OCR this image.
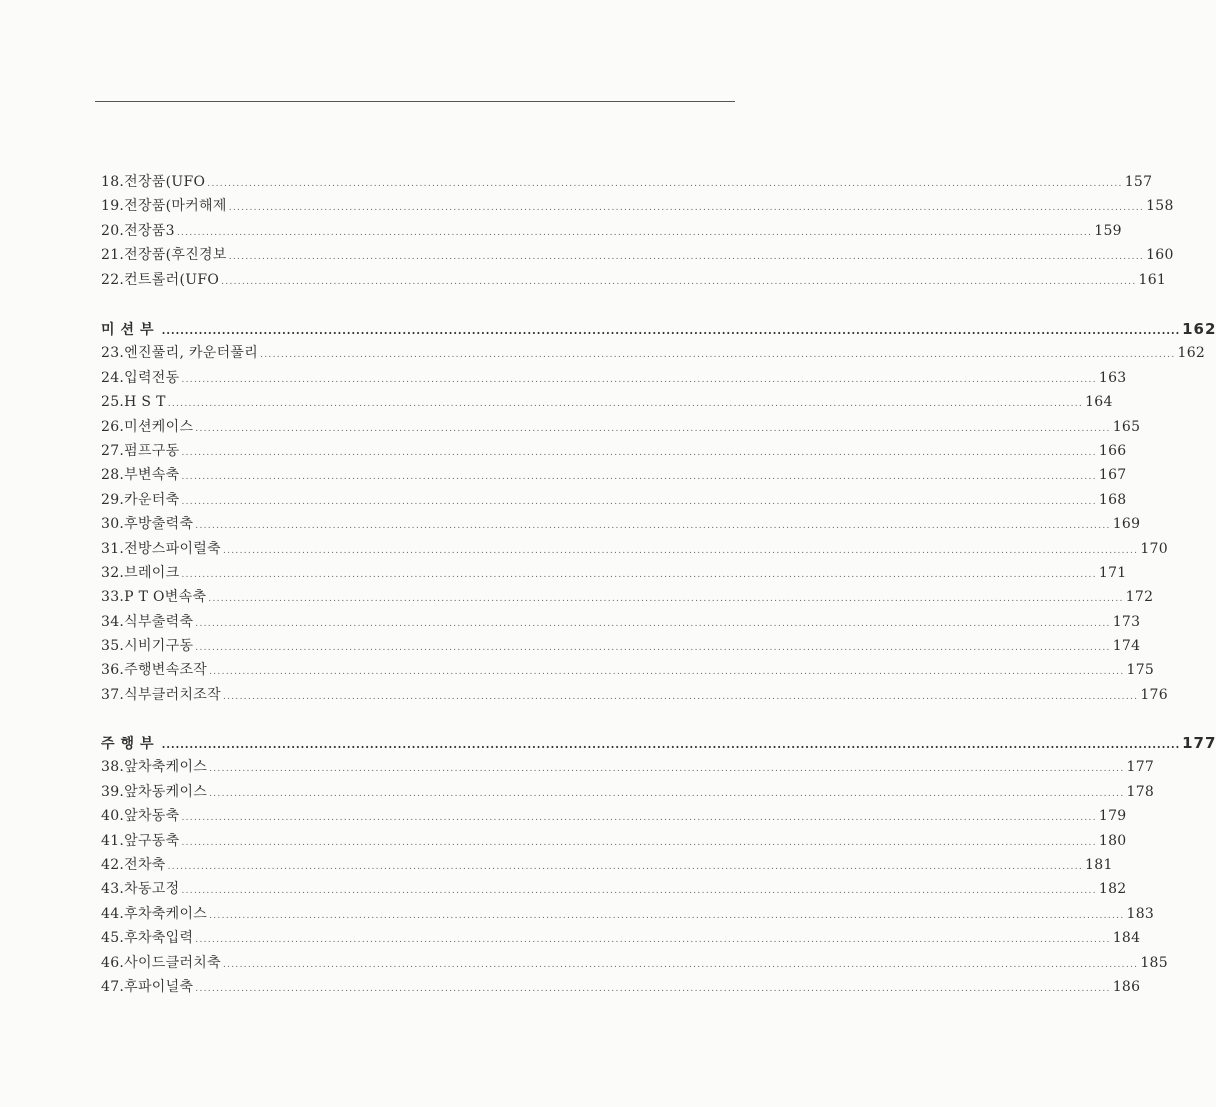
18.전장품(UFO ............................................................................................................................................................................................................................ 157
19.전장품(마커해제 ............................................................................................................................................................................................................................ 158
20.전장품3 ............................................................................................................................................................................................................................ 159
21.전장품(후진경보 ............................................................................................................................................................................................................................ 160
22.컨트롤러(UFO ............................................................................................................................................................................................................................ 161
미션부 ............................................................................................................................................................................................................................ 162
23.엔진풀리, 카운터풀리 ............................................................................................................................................................................................................................ 162
24.입력전동 ............................................................................................................................................................................................................................ 163
25.H S T ............................................................................................................................................................................................................................ 164
26.미션케이스 ............................................................................................................................................................................................................................ 165
27.펌프구동 ............................................................................................................................................................................................................................ 166
28.부변속축 ............................................................................................................................................................................................................................ 167
29.카운터축 ............................................................................................................................................................................................................................ 168
30.후방출력축 ............................................................................................................................................................................................................................ 169
31.전방스파이럴축 ............................................................................................................................................................................................................................ 170
32.브레이크 ............................................................................................................................................................................................................................ 171
33.P T O변속축 ............................................................................................................................................................................................................................ 172
34.식부출력축 ............................................................................................................................................................................................................................ 173
35.시비기구동 ............................................................................................................................................................................................................................ 174
36.주행변속조작 ............................................................................................................................................................................................................................ 175
37.식부클러치조작 ............................................................................................................................................................................................................................ 176
주행부 ............................................................................................................................................................................................................................ 177
38.앞차축케이스 ............................................................................................................................................................................................................................ 177
39.앞차동케이스 ............................................................................................................................................................................................................................ 178
40.앞차동축 ............................................................................................................................................................................................................................ 179
41.앞구동축 ............................................................................................................................................................................................................................ 180
42.전차축 ............................................................................................................................................................................................................................ 181
43.차동고정 ............................................................................................................................................................................................................................ 182
44.후차축케이스 ............................................................................................................................................................................................................................ 183
45.후차축입력 ............................................................................................................................................................................................................................ 184
46.사이드클러치축 ............................................................................................................................................................................................................................ 185
47.후파이널축 ............................................................................................................................................................................................................................ 186
